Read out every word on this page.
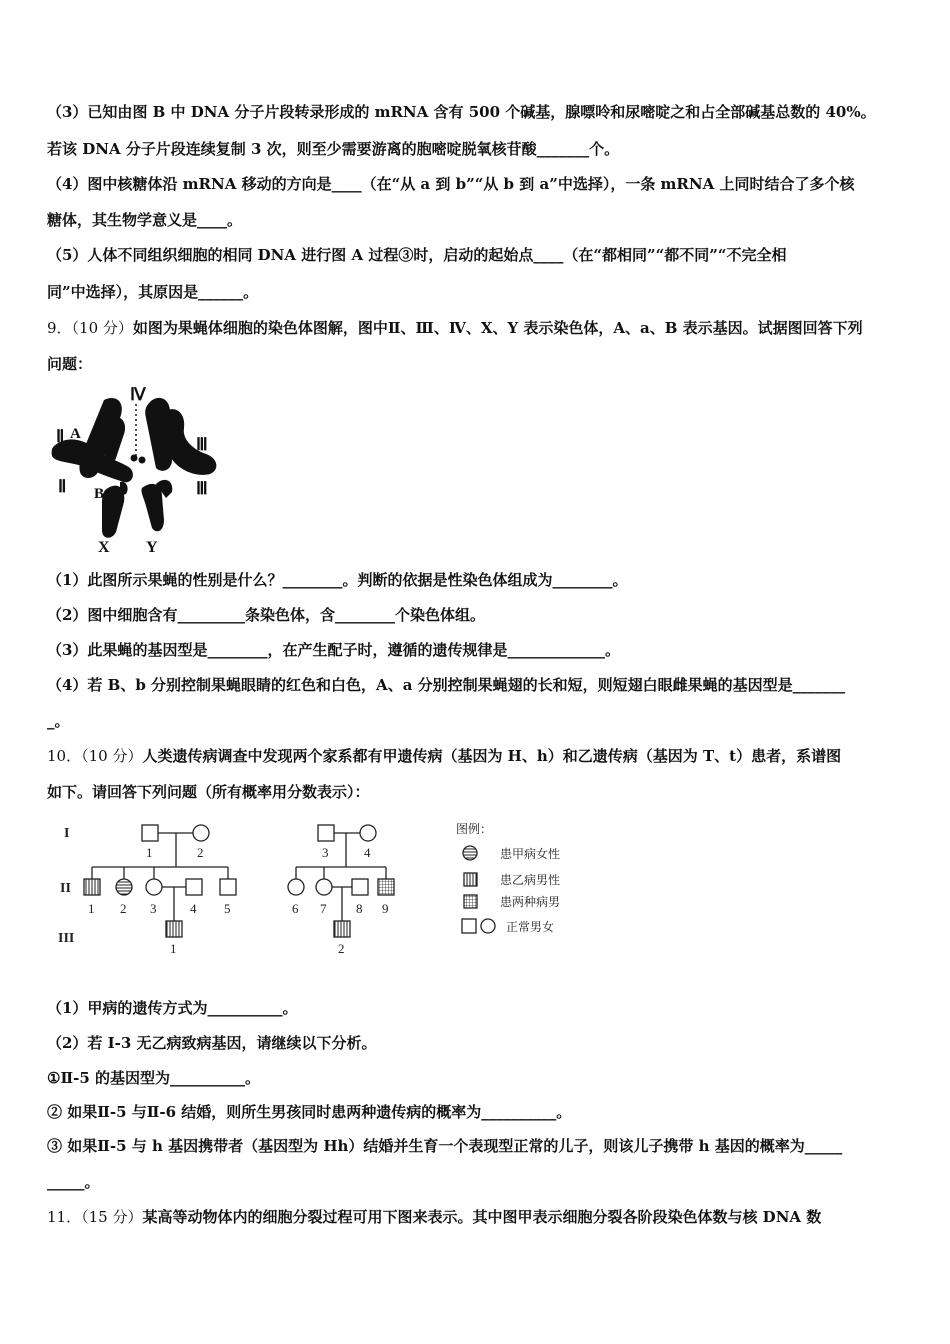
（3）已知由图 B 中 DNA 分子片段转录形成的 mRNA 含有 500 个碱基，腺嘌呤和尿嘧啶之和占全部碱基总数的 40%。
若该 DNA 分子片段连续复制 3 次，则至少需要游离的胞嘧啶脱氧核苷酸_______个。
（4）图中核糖体沿 mRNA 移动的方向是____（在“从 a 到 b”“从 b 到 a”中选择），一条 mRNA 上同时结合了多个核
糖体，其生物学意义是____。
（5）人体不同组织细胞的相同 DNA 进行图 A 过程③时，启动的起始点____（在“都相同”“都不同”“不完全相
同”中选择），其原因是______。
9．（10 分）如图为果蝇体细胞的染色体图解，图中Ⅱ、Ⅲ、Ⅳ、X、Y 表示染色体，A、a、B 表示基因。试据图回答下列
问题：
Ⅳ
Ⅱ A
a
Ⅱ B
Ⅲ
Ⅲ
X Y
（1）此图所示果蝇的性别是什么？________。判断的依据是性染色体组成为________。
（2）图中细胞含有_________条染色体，含________个染色体组。
（3）此果蝇的基因型是________，在产生配子时，遵循的遗传规律是_____________。
（4）若 B、b 分别控制果蝇眼睛的红色和白色，A、a 分别控制果蝇翅的长和短，则短翅白眼雌果蝇的基因型是_______
_。
10．（10 分）人类遗传病调查中发现两个家系都有甲遗传病（基因为 H、h）和乙遗传病（基因为 T、t）患者，系谱图
如下。请回答下列问题（所有概率用分数表示）：
I
II
III
1	2
1 2 3	4 5
1
3	4
6 7 8 9
2
图例：
患甲病女性
患乙病男性
患两种病男
正常男女
（1）甲病的遗传方式为__________。
（2）若 I-3 无乙病致病基因，请继续以下分析。
①Ⅱ-5 的基因型为__________。
② 如果Ⅱ-5 与Ⅱ-6 结婚，则所生男孩同时患两种遗传病的概率为__________。
③ 如果Ⅱ-5 与 h 基因携带者（基因型为 Hh）结婚并生育一个表现型正常的儿子，则该儿子携带 h 基因的概率为_____
_____。
11．（15 分）某高等动物体内的细胞分裂过程可用下图来表示。其中图甲表示细胞分裂各阶段染色体数与核 DNA 数
